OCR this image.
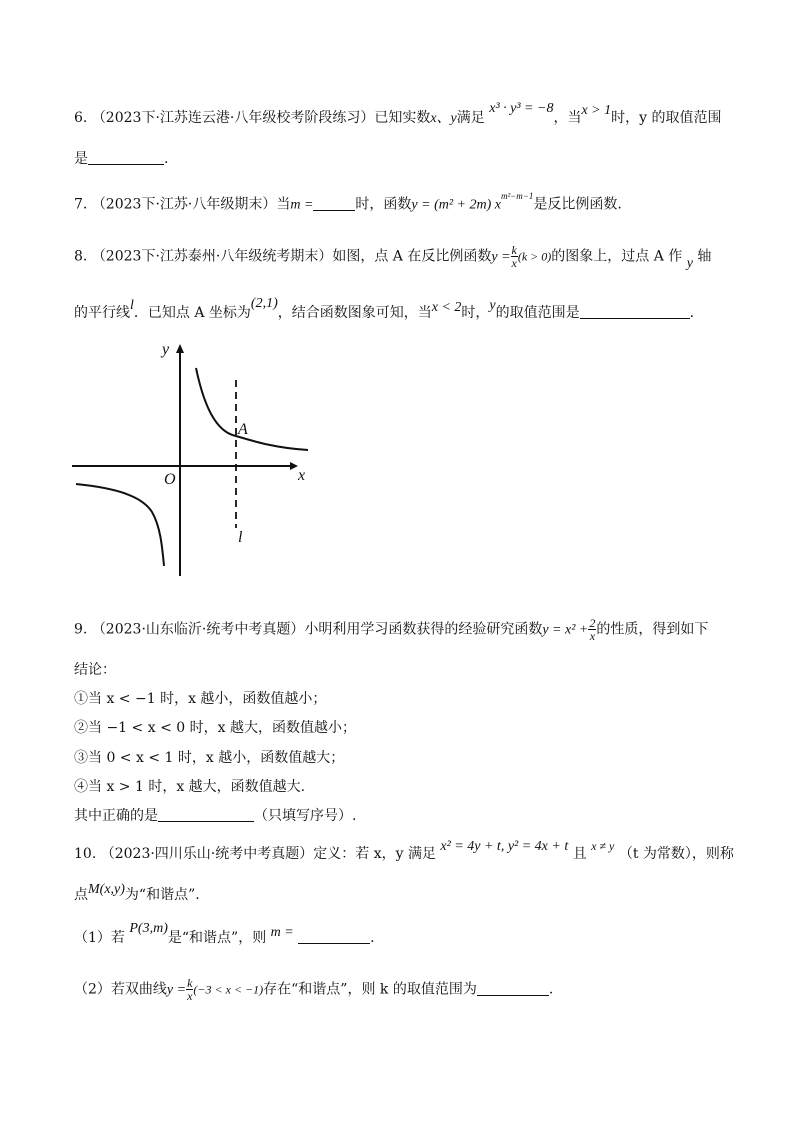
6. （2023下·江苏连云港·八年级校考阶段练习）已知实数x、y满足 x³ · y³ = −8，当x > 1时，y 的取值范围
是	.
7. （2023下·江苏·八年级期末）当m =	时，函数y = (m² + 2m) $x^{m^2-m-1}$是反比例函数.
8. （2023下·江苏泰州·八年级统考期末）如图，点 A 在反比例函数$y = \frac{k}{x} (k > 0)$的图象上，过点 A 作 y 轴
的平行线l．已知点 A 坐标为(2,1)，结合函数图象可知，当x < 2时，y的取值范围是	.
y
x
O
A
l
9. （2023·山东临沂·统考中考真题）小明利用学习函数获得的经验研究函数$y = x^2 + \frac{2}{x}$ 的性质，得到如下
结论：
①当 x < −1 时，x 越小，函数值越小；
②当 −1 < x < 0 时，x 越大，函数值越小；
③当 0 < x < 1 时，x 越小，函数值越大；
④当 x > 1 时，x 越大，函数值越大.
其中正确的是	（只填写序号）.
10. （2023·四川乐山·统考中考真题）定义：若 x，y 满足 x² = 4y + t, y² = 4x + t 且 x ≠ y （t 为常数），则称
点M(x,y)为“和谐点”.
（1）若 P(3,m)是“和谐点”，则 m =	.
（2）若双曲线$y = \frac{k}{x} (-3 < x < -1)$存在“和谐点”，则 k 的取值范围为	.
